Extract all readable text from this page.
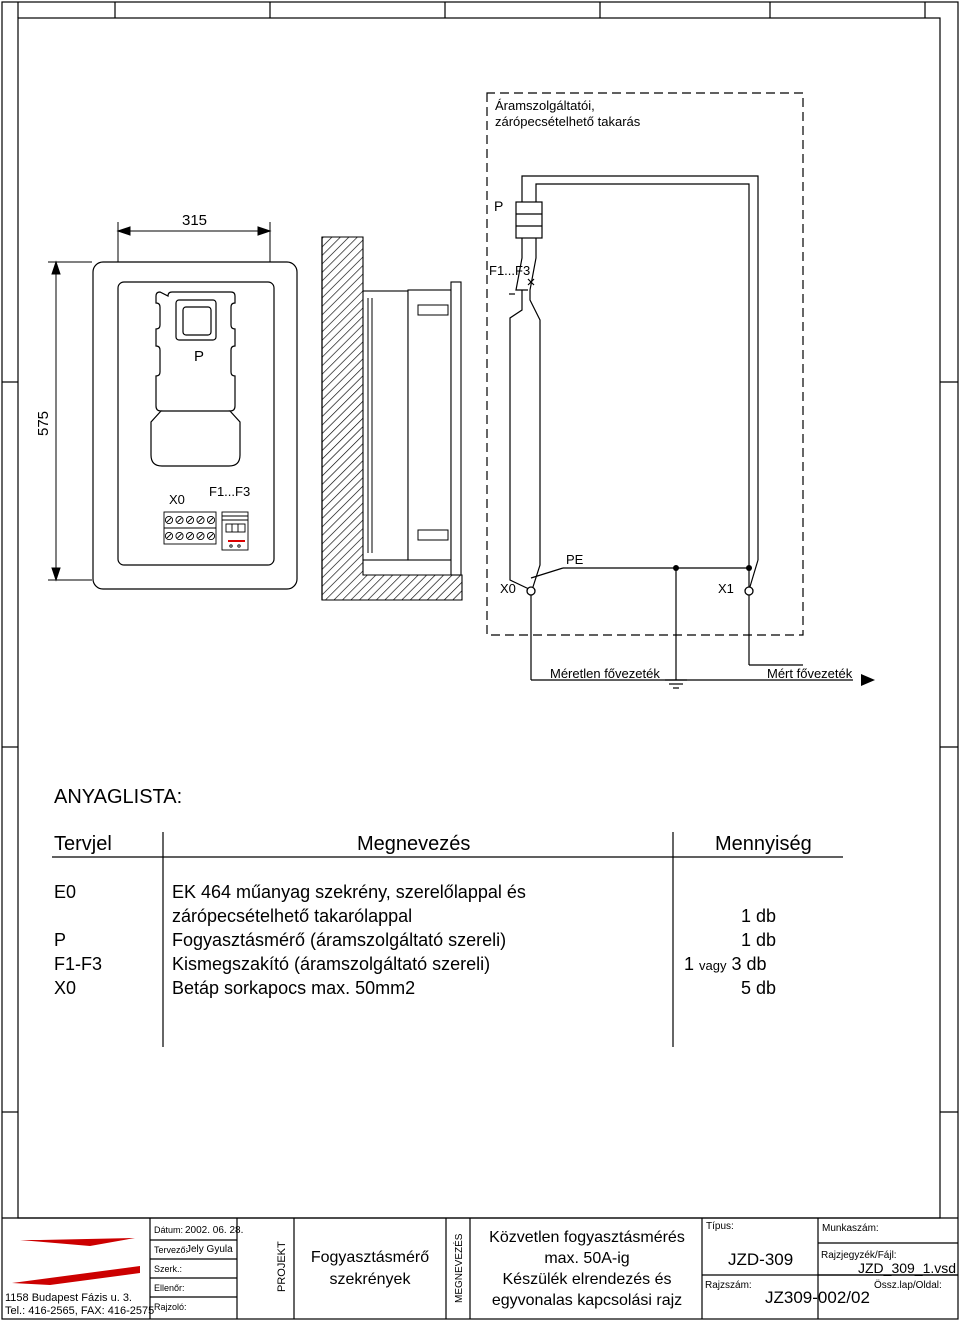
315
575
P
X0
F1...F3
Áramszolgáltatói,
zárópecsételhető takarás
P
F1...F3
PE
X0	X1
Méretlen fővezeték	Mért fővezeték
1158 Budapest Fázis u. 3.
Tel.: 416-2565, FAX: 416-2575
Dátum: 2002. 06. 28.
Tervező:
Jely Gyula
Szerk.:
Ellenőr:
Rajzoló:
PROJEKT Fogyasztásmérő
szekrények	MEGNEVEZÉS Közvetlen fogyasztásmérés
max. 50A-ig
Készülék elrendezés és
egyvonalas kapcsolási rajz
Típus:
JZD-309
Rajzszám:
JZ309-002/02
Munkaszám:
Rajzjegyzék/Fájl:
JZD_309_1.vsd
Össz.lap/Oldal:
ANYAGLISTA:
Tervjel	Megnevezés	Mennyiség
E0	EK 464 műanyag szekrény, szerelőlappal és
zárópecsételhető takarólappal	1 db
P	Fogyasztásmérő (áramszolgáltató szereli)	1 db
F1-F3	Kismegszakító (áramszolgáltató szereli)	1 vagy 3 db
X0	Betáp sorkapocs max. 50mm2	5 db
